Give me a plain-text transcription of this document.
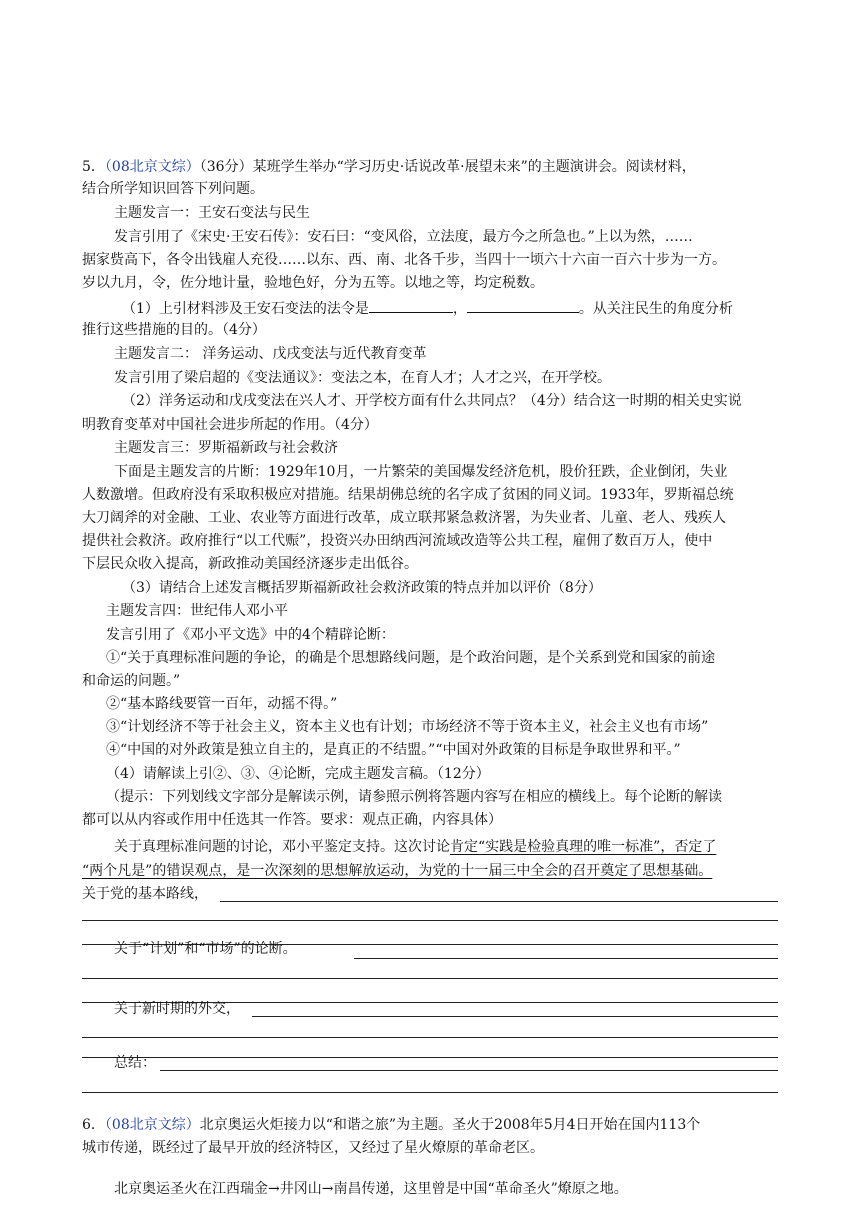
5．（08北京文综）（36分）某班学生举办“学习历史·话说改革·展望未来”的主题演讲会。阅读材料，
结合所学知识回答下列问题。
主题发言一：王安石变法与民生
发言引用了《宋史·王安石传》：安石曰：“变风俗，立法度，最方今之所急也。”上以为然，……
据家赀高下，各令出钱雇人充役……以东、西、南、北各千步，当四十一顷六十六亩一百六十步为一方。
岁以九月，令，佐分地计量，验地色好，分为五等。以地之等，均定税数。
（1）上引材料涉及王安石变法的法令是	，	。从关注民生的角度分析
推行这些措施的目的。（4分）
主题发言二： 洋务运动、戊戌变法与近代教育变革
发言引用了梁启超的《变法通议》：变法之本，在育人才；人才之兴，在开学校。
（2）洋务运动和戊戌变法在兴人才、开学校方面有什么共同点？（4分）结合这一时期的相关史实说
明教育变革对中国社会进步所起的作用。（4分）
主题发言三：罗斯福新政与社会救济
下面是主题发言的片断：1929年10月，一片繁荣的美国爆发经济危机，股价狂跌，企业倒闭，失业
人数激增。但政府没有采取积极应对措施。结果胡佛总统的名字成了贫困的同义词。1933年，罗斯福总统
大刀阔斧的对金融、工业、农业等方面进行改革，成立联邦紧急救济署，为失业者、儿童、老人、残疾人
提供社会救济。政府推行“以工代赈”，投资兴办田纳西河流域改造等公共工程，雇佣了数百万人，使中
下层民众收入提高，新政推动美国经济逐步走出低谷。
（3）请结合上述发言概括罗斯福新政社会救济政策的特点并加以评价（8分）
主题发言四：世纪伟人邓小平
发言引用了《邓小平文选》中的4个精辟论断：
①“关于真理标准问题的争论，的确是个思想路线问题，是个政治问题，是个关系到党和国家的前途
和命运的问题。”
②“基本路线要管一百年，动摇不得。”
③“计划经济不等于社会主义，资本主义也有计划；市场经济不等于资本主义，社会主义也有市场”
④“中国的对外政策是独立自主的，是真正的不结盟。”“中国对外政策的目标是争取世界和平。”
（4）请解读上引②、③、④论断，完成主题发言稿。（12分）
（提示：下列划线文字部分是解读示例，请参照示例将答题内容写在相应的横线上。每个论断的解读
都可以从内容或作用中任选其一作答。要求：观点正确，内容具体）
关于真理标准问题的讨论，邓小平鉴定支持。这次讨论肯定“实践是检验真理的唯一标准”，否定了
“两个凡是”的错误观点，是一次深刻的思想解放运动，为党的十一届三中全会的召开奠定了思想基础。
关于党的基本路线，
关于“计划”和“市场”的论断。
关于新时期的外交，
总结：
6．（08北京文综）北京奥运火炬接力以“和谐之旅”为主题。圣火于2008年5月4日开始在国内113个
城市传递，既经过了最早开放的经济特区，又经过了星火燎原的革命老区。
北京奥运圣火在江西瑞金→井冈山→南昌传递，这里曾是中国“革命圣火”燎原之地。
